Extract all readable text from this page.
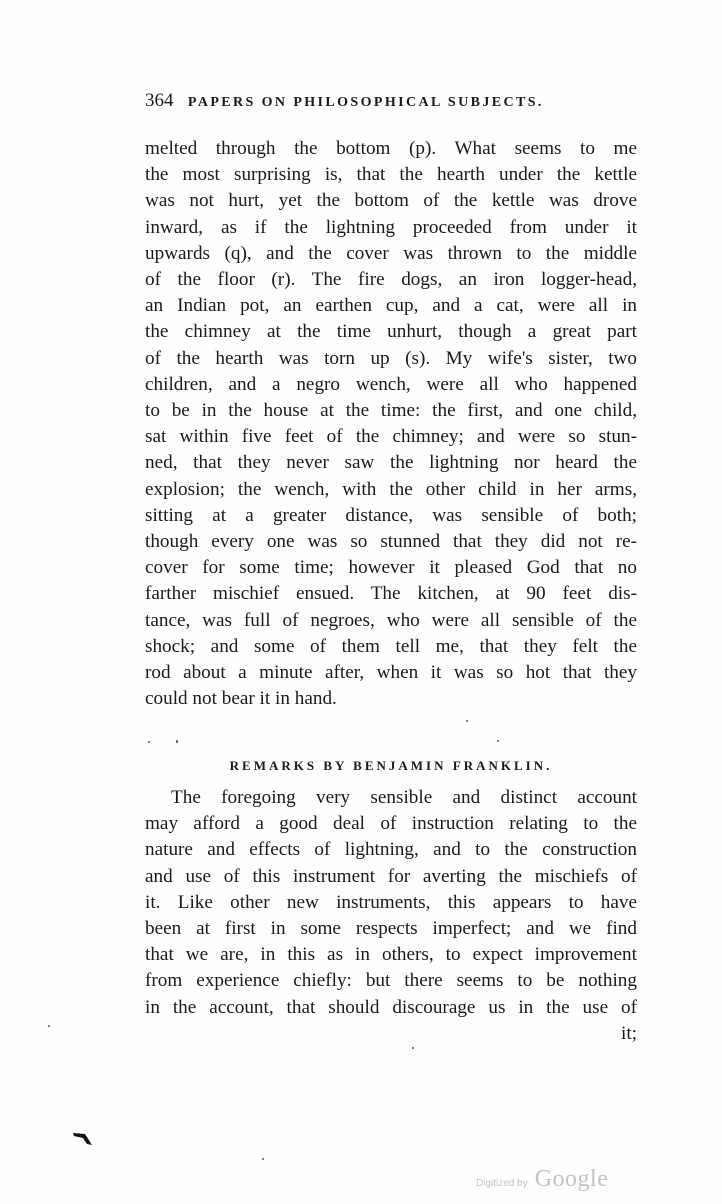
364 PAPERS ON PHILOSOPHICAL SUBJECTS.
melted through the bottom (p). What seems to me
the most surprising is, that the hearth under the kettle
was not hurt, yet the bottom of the kettle was drove
inward, as if the lightning proceeded from under it
upwards (q), and the cover was thrown to the middle
of the floor (r). The fire dogs, an iron logger-head,
an Indian pot, an earthen cup, and a cat, were all in
the chimney at the time unhurt, though a great part
of the hearth was torn up (s). My wife's sister, two
children, and a negro wench, were all who happened
to be in the house at the time: the first, and one child,
sat within five feet of the chimney; and were so stun-
ned, that they never saw the lightning nor heard the
explosion; the wench, with the other child in her arms,
sitting at a greater distance, was sensible of both;
though every one was so stunned that they did not re-
cover for some time; however it pleased God that no
farther mischief ensued. The kitchen, at 90 feet dis-
tance, was full of negroes, who were all sensible of the
shock; and some of them tell me, that they felt the
rod about a minute after, when it was so hot that they
could not bear it in hand.
REMARKS BY BENJAMIN FRANKLIN.
The foregoing very sensible and distinct account
may afford a good deal of instruction relating to the
nature and effects of lightning, and to the construction
and use of this instrument for averting the mischiefs of
it. Like other new instruments, this appears to have
been at first in some respects imperfect; and we find
that we are, in this as in others, to expect improvement
from experience chiefly: but there seems to be nothing
in the account, that should discourage us in the use of
it;
Digitized by Google
